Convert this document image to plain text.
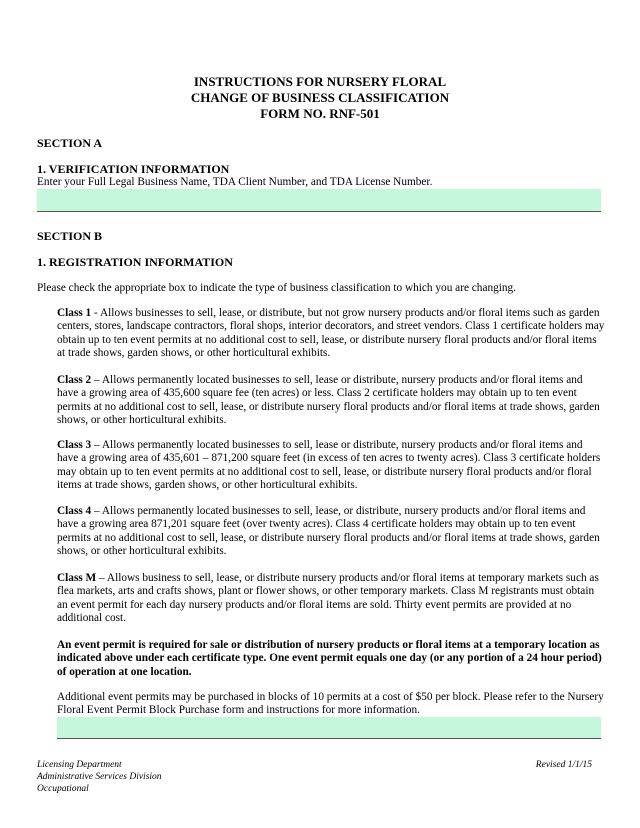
INSTRUCTIONS FOR NURSERY FLORAL
CHANGE OF BUSINESS CLASSIFICATION
FORM NO. RNF-501
SECTION A
1. VERIFICATION INFORMATION
Enter your Full Legal Business Name, TDA Client Number, and TDA License Number.
SECTION B
1. REGISTRATION INFORMATION
Please check the appropriate box to indicate the type of business classification to which you are changing.
Class 1 - Allows businesses to sell, lease, or distribute, but not grow nursery products and/or floral items such as garden centers, stores, landscape contractors, floral shops, interior decorators, and street vendors. Class 1 certificate holders may obtain up to ten event permits at no additional cost to sell, lease, or distribute nursery floral products and/or floral items at trade shows, garden shows, or other horticultural exhibits.
Class 2 – Allows permanently located businesses to sell, lease or distribute, nursery products and/or floral items and have a growing area of 435,600 square fee (ten acres) or less. Class 2 certificate holders may obtain up to ten event permits at no additional cost to sell, lease, or distribute nursery floral products and/or floral items at trade shows, garden shows, or other horticultural exhibits.
Class 3 – Allows permanently located businesses to sell, lease or distribute, nursery products and/or floral items and have a growing area of 435,601 – 871,200 square feet (in excess of ten acres to twenty acres). Class 3 certificate holders may obtain up to ten event permits at no additional cost to sell, lease, or distribute nursery floral products and/or floral items at trade shows, garden shows, or other horticultural exhibits.
Class 4 – Allows permanently located businesses to sell, lease, or distribute, nursery products and/or floral items and have a growing area 871,201 square feet (over twenty acres). Class 4 certificate holders may obtain up to ten event permits at no additional cost to sell, lease, or distribute nursery floral products and/or floral items at trade shows, garden shows, or other horticultural exhibits.
Class M – Allows business to sell, lease, or distribute nursery products and/or floral items at temporary markets such as flea markets, arts and crafts shows, plant or flower shows, or other temporary markets. Class M registrants must obtain an event permit for each day nursery products and/or floral items are sold. Thirty event permits are provided at no additional cost.
An event permit is required for sale or distribution of nursery products or floral items at a temporary location as indicated above under each certificate type. One event permit equals one day (or any portion of a 24 hour period) of operation at one location.
Additional event permits may be purchased in blocks of 10 permits at a cost of $50 per block. Please refer to the Nursery Floral Event Permit Block Purchase form and instructions for more information.
Licensing Department
Administrative Services Division
Occupational
Revised 1/1/15
